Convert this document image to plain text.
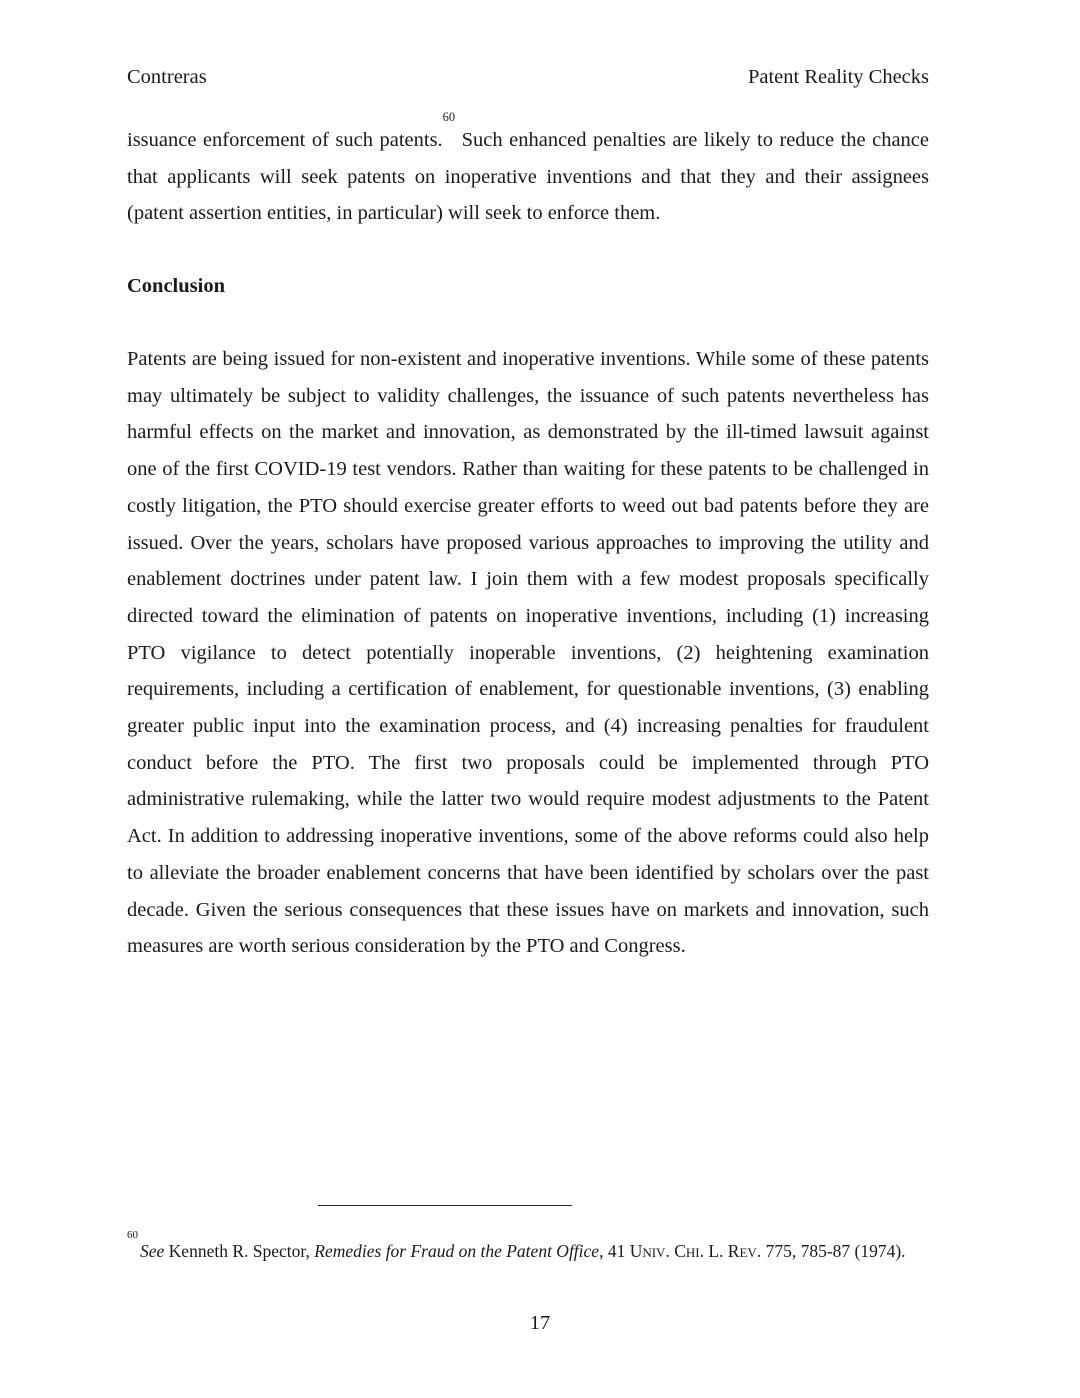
Contreras	Patent Reality Checks

issuance enforcement of such patents.$^{60}$ Such enhanced penalties are likely to reduce the chance that applicants will seek patents on inoperative inventions and that they and their assignees (patent assertion entities, in particular) will seek to enforce them.

Conclusion

Patents are being issued for non-existent and inoperative inventions. While some of these patents may ultimately be subject to validity challenges, the issuance of such patents nevertheless has harmful effects on the market and innovation, as demonstrated by the ill-timed lawsuit against one of the first COVID-19 test vendors. Rather than waiting for these patents to be challenged in costly litigation, the PTO should exercise greater efforts to weed out bad patents before they are issued. Over the years, scholars have proposed various approaches to improving the utility and enablement doctrines under patent law. I join them with a few modest proposals specifically directed toward the elimination of patents on inoperative inventions, including (1) increasing PTO vigilance to detect potentially inoperable inventions, (2) heightening examination requirements, including a certification of enablement, for questionable inventions, (3) enabling greater public input into the examination process, and (4) increasing penalties for fraudulent conduct before the PTO. The first two proposals could be implemented through PTO administrative rulemaking, while the latter two would require modest adjustments to the Patent Act. In addition to addressing inoperative inventions, some of the above reforms could also help to alleviate the broader enablement concerns that have been identified by scholars over the past decade. Given the serious consequences that these issues have on markets and innovation, such measures are worth serious consideration by the PTO and Congress.

$^{60}$See Kenneth R. Spector, Remedies for Fraud on the Patent Office, 41 UNIV. CHI. L. REV. 775, 785-87 (1974).
17
